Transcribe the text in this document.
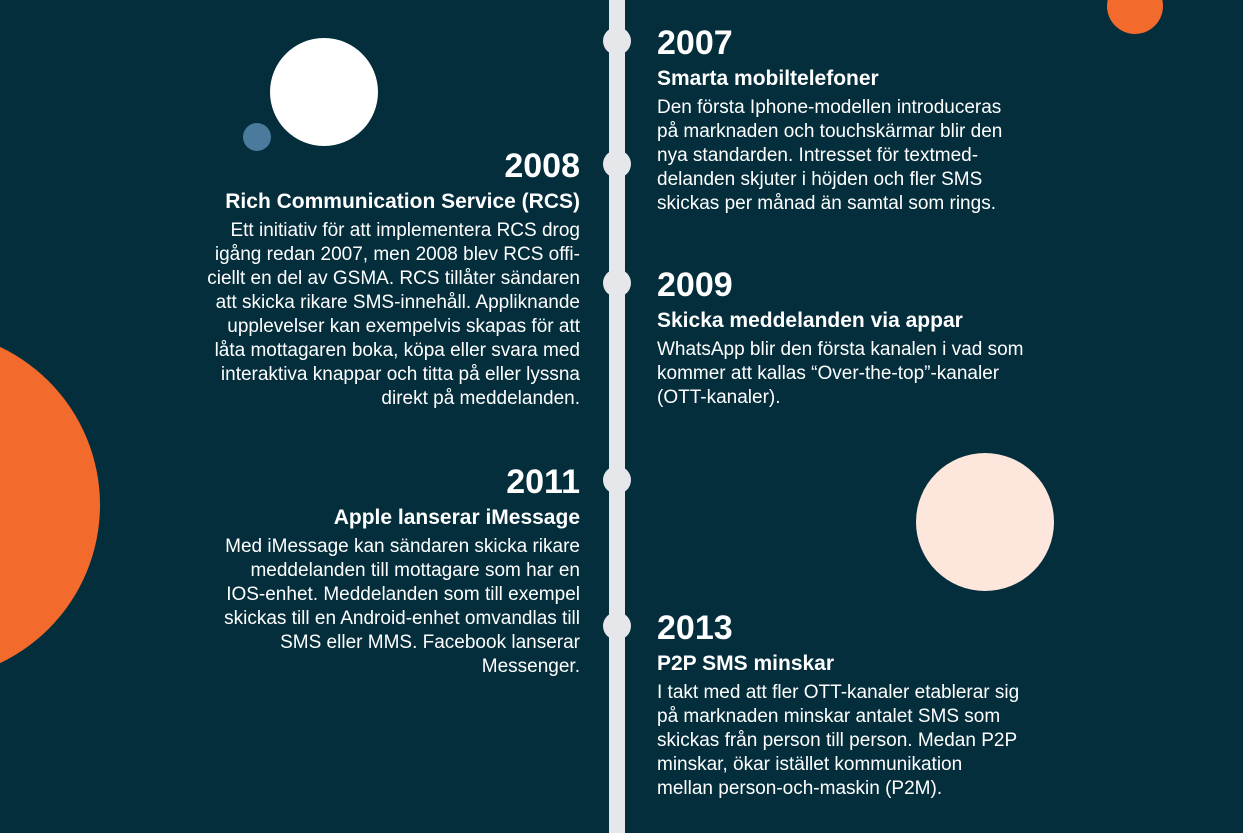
2007
Smarta mobiltelefoner
Den första Iphone-modellen introduceras
på marknaden och touchskärmar blir den
nya standarden. Intresset för textmed-
delanden skjuter i höjden och fler SMS
skickas per månad än samtal som rings.
2008
Rich Communication Service (RCS)
Ett initiativ för att implementera RCS drog
igång redan 2007, men 2008 blev RCS offi-
ciellt en del av GSMA. RCS tillåter sändaren
att skicka rikare SMS-innehåll. Appliknande
upplevelser kan exempelvis skapas för att
låta mottagaren boka, köpa eller svara med
interaktiva knappar och titta på eller lyssna
direkt på meddelanden.
2009
Skicka meddelanden via appar
WhatsApp blir den första kanalen i vad som
kommer att kallas “Over-the-top”-kanaler
(OTT-kanaler).
2011
Apple lanserar iMessage
Med iMessage kan sändaren skicka rikare
meddelanden till mottagare som har en
IOS-enhet. Meddelanden som till exempel
skickas till en Android-enhet omvandlas till
SMS eller MMS. Facebook lanserar
Messenger.
2013
P2P SMS minskar
I takt med att fler OTT-kanaler etablerar sig
på marknaden minskar antalet SMS som
skickas från person till person. Medan P2P
minskar, ökar istället kommunikation
mellan person-och-maskin (P2M).
